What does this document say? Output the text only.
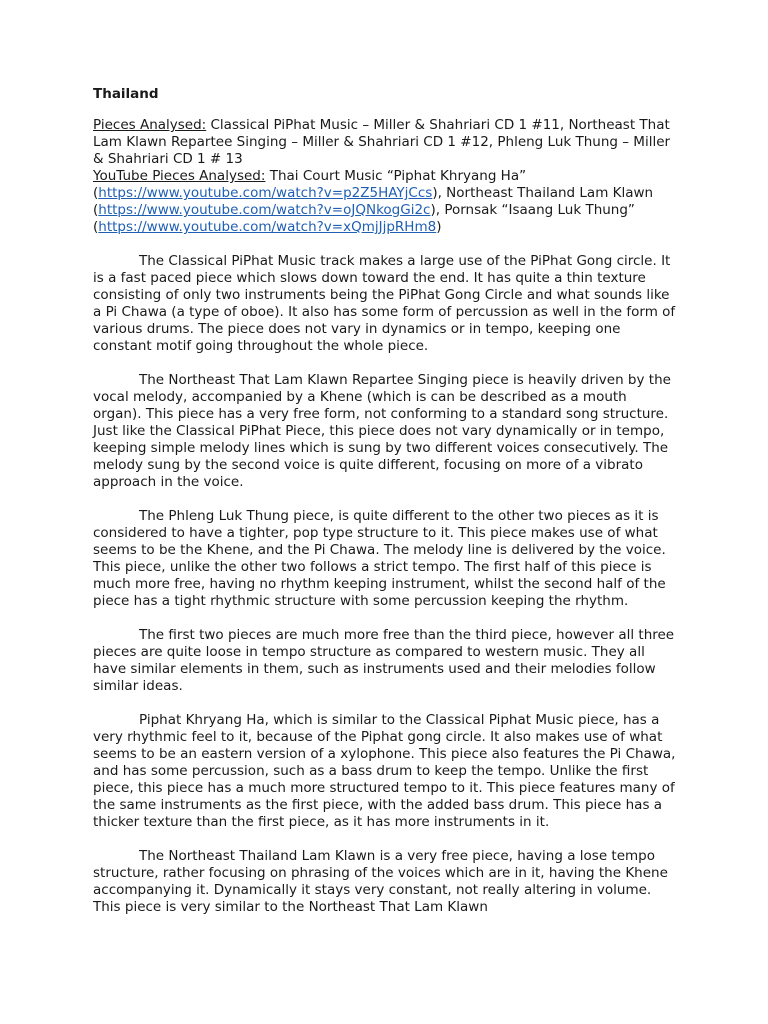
Thailand
Pieces Analysed: Classical PiPhat Music – Miller & Shahriari CD 1 #11, Northeast That Lam Klawn Repartee Singing – Miller & Shahriari CD 1 #12, Phleng Luk Thung – Miller & Shahriari CD 1 # 13
YouTube Pieces Analysed: Thai Court Music “Piphat Khryang Ha” (https://www.youtube.com/watch?v=p2Z5HAYjCcs), Northeast Thailand Lam Klawn (https://www.youtube.com/watch?v=oJQNkogGi2c), Pornsak “Isaang Luk Thung” (https://www.youtube.com/watch?v=xQmjJjpRHm8)

The Classical PiPhat Music track makes a large use of the PiPhat Gong circle. It is a fast paced piece which slows down toward the end. It has quite a thin texture consisting of only two instruments being the PiPhat Gong Circle and what sounds like a Pi Chawa (a type of oboe). It also has some form of percussion as well in the form of various drums. The piece does not vary in dynamics or in tempo, keeping one constant motif going throughout the whole piece.

The Northeast That Lam Klawn Repartee Singing piece is heavily driven by the vocal melody, accompanied by a Khene (which is can be described as a mouth organ). This piece has a very free form, not conforming to a standard song structure. Just like the Classical PiPhat Piece, this piece does not vary dynamically or in tempo, keeping simple melody lines which is sung by two different voices consecutively. The melody sung by the second voice is quite different, focusing on more of a vibrato approach in the voice.

The Phleng Luk Thung piece, is quite different to the other two pieces as it is considered to have a tighter, pop type structure to it. This piece makes use of what seems to be the Khene, and the Pi Chawa. The melody line is delivered by the voice. This piece, unlike the other two follows a strict tempo. The first half of this piece is much more free, having no rhythm keeping instrument, whilst the second half of the piece has a tight rhythmic structure with some percussion keeping the rhythm.

The first two pieces are much more free than the third piece, however all three pieces are quite loose in tempo structure as compared to western music. They all have similar elements in them, such as instruments used and their melodies follow similar ideas.

Piphat Khryang Ha, which is similar to the Classical Piphat Music piece, has a very rhythmic feel to it, because of the Piphat gong circle. It also makes use of what seems to be an eastern version of a xylophone. This piece also features the Pi Chawa, and has some percussion, such as a bass drum to keep the tempo. Unlike the first piece, this piece has a much more structured tempo to it. This piece features many of the same instruments as the first piece, with the added bass drum. This piece has a thicker texture than the first piece, as it has more instruments in it.

The Northeast Thailand Lam Klawn is a very free piece, having a lose tempo structure, rather focusing on phrasing of the voices which are in it, having the Khene accompanying it. Dynamically it stays very constant, not really altering in volume. This piece is very similar to the Northeast That Lam Klawn
